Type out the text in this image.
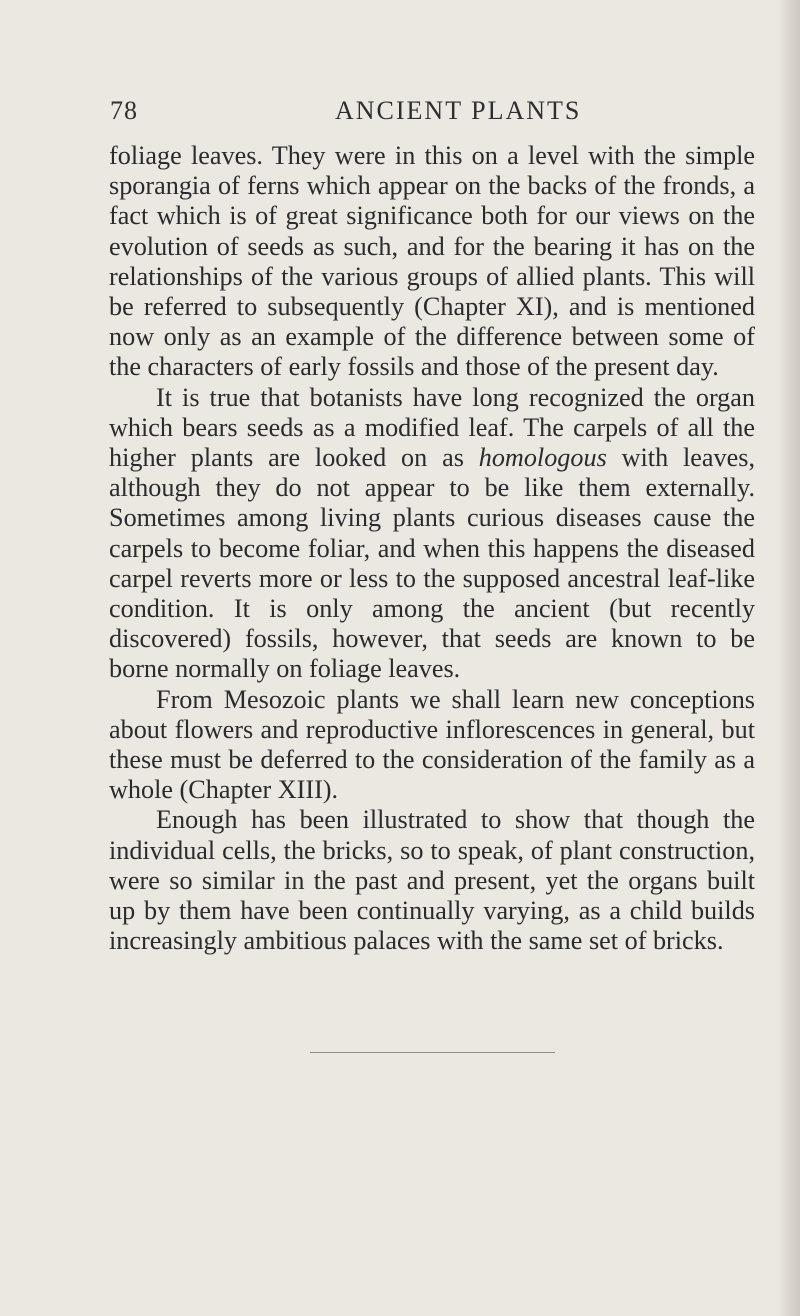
78	ANCIENT PLANTS

foliage leaves. They were in this on a level with the simple sporangia of ferns which appear on the backs of the fronds, a fact which is of great significance both for our views on the evolution of seeds as such, and for the bearing it has on the relationships of the various groups of allied plants. This will be referred to subsequently (Chapter XI), and is mentioned now only as an example of the difference between some of the characters of early fossils and those of the present day.

It is true that botanists have long recognized the organ which bears seeds as a modified leaf. The carpels of all the higher plants are looked on as homologous with leaves, although they do not appear to be like them externally. Sometimes among living plants curious diseases cause the carpels to become foliar, and when this happens the diseased carpel reverts more or less to the supposed ancestral leaf-like condition. It is only among the ancient (but recently discovered) fossils, however, that seeds are known to be borne normally on foliage leaves.

From Mesozoic plants we shall learn new conceptions about flowers and reproductive inflorescences in general, but these must be deferred to the consideration of the family as a whole (Chapter XIII).

Enough has been illustrated to show that though the individual cells, the bricks, so to speak, of plant construction, were so similar in the past and present, yet the organs built up by them have been continually varying, as a child builds increasingly ambitious palaces with the same set of bricks.
